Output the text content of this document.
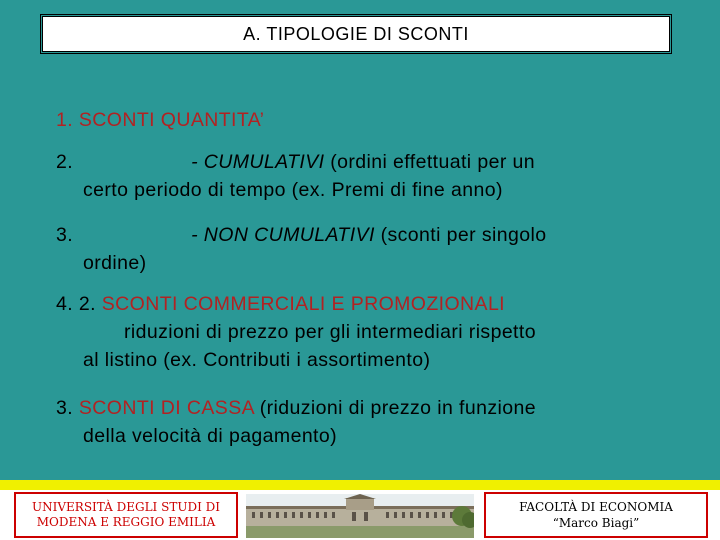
A. TIPOLOGIE DI SCONTI
1. SCONTI QUANTITA’
2.	- CUMULATIVI (ordini effettuati per un
certo periodo di tempo (ex. Premi di fine anno)
3.	- NON CUMULATIVI (sconti per singolo
ordine)
4. 2. SCONTI COMMERCIALI E PROMOZIONALI
riduzioni di prezzo per gli intermediari rispetto
al listino (ex. Contributi i assortimento)
3. SCONTI DI CASSA (riduzioni di prezzo in funzione
della velocità di pagamento)
UNIVERSITÀ DEGLI STUDI DI
MODENA E REGGIO EMILIA
FACOLTÀ DI ECONOMIA
“Marco Biagi”
